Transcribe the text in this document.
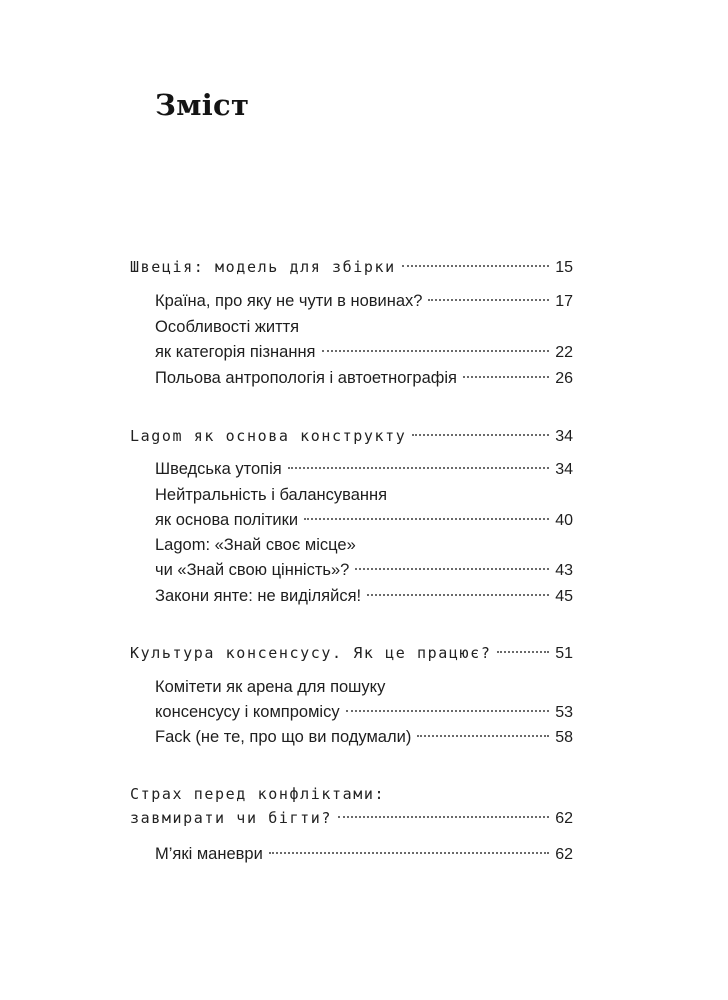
Зміст
Швеція: модель для збірки	15
Країна, про яку не чути в новинах?	17
Особливості життя
як категорія пізнання	22
Польова антропологія і автоетнографія	26
Lagom як основа конструкту	34
Шведська утопія	34
Нейтральність і балансування
як основа політики	40
Lagom: «Знай своє місце»
чи «Знай свою цінність»?	43
Закони янте: не виділяйся!	45
Культура консенсусу. Як це працює?	51
Комітети як арена для пошуку
консенсусу і компромісу	53
Fack (не те, про що ви подумали)	58
Страх перед конфліктами:
завмирати чи бігти?	62
М’які маневри	62
